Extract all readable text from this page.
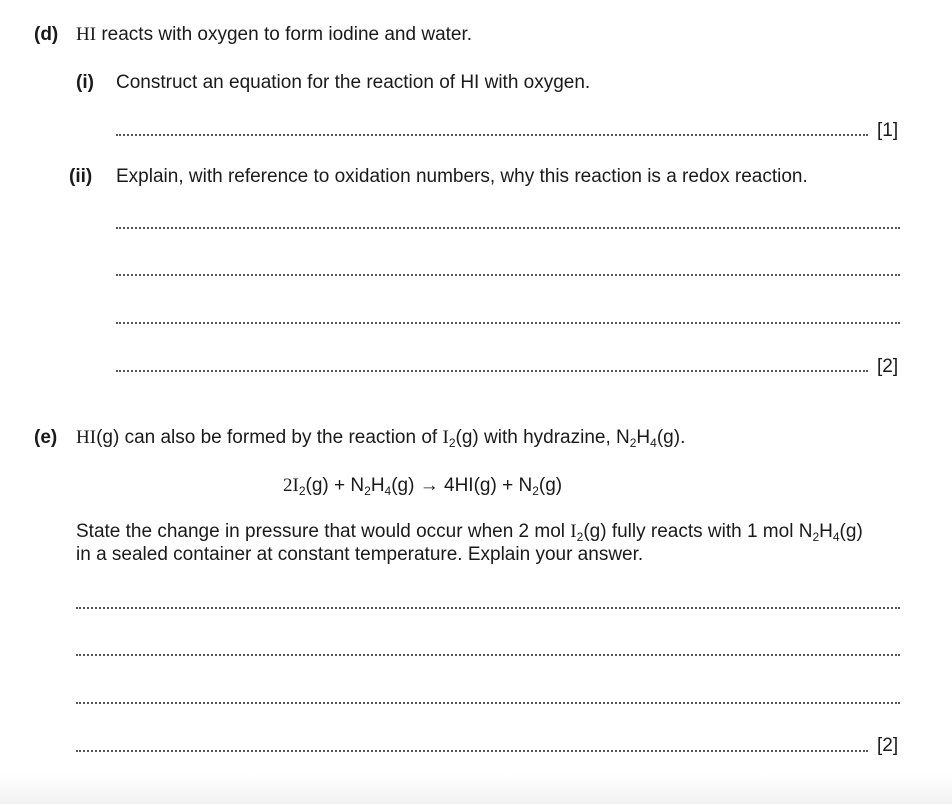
(d) HI reacts with oxygen to form iodine and water.
(i) Construct an equation for the reaction of HI with oxygen.
[1]
(ii) Explain, with reference to oxidation numbers, why this reaction is a redox reaction.
[2]
(e) HI(g) can also be formed by the reaction of $I_2(g)$ with hydrazine, $N_2H_4(g)$.
$2I_2(g) + N_2H_4(g) \to 4HI(g) + N_2(g)$
State the change in pressure that would occur when 2 mol $I_2(g)$ fully reacts with 1 mol $N_2H_4(g)$
in a sealed container at constant temperature. Explain your answer.
[2]
